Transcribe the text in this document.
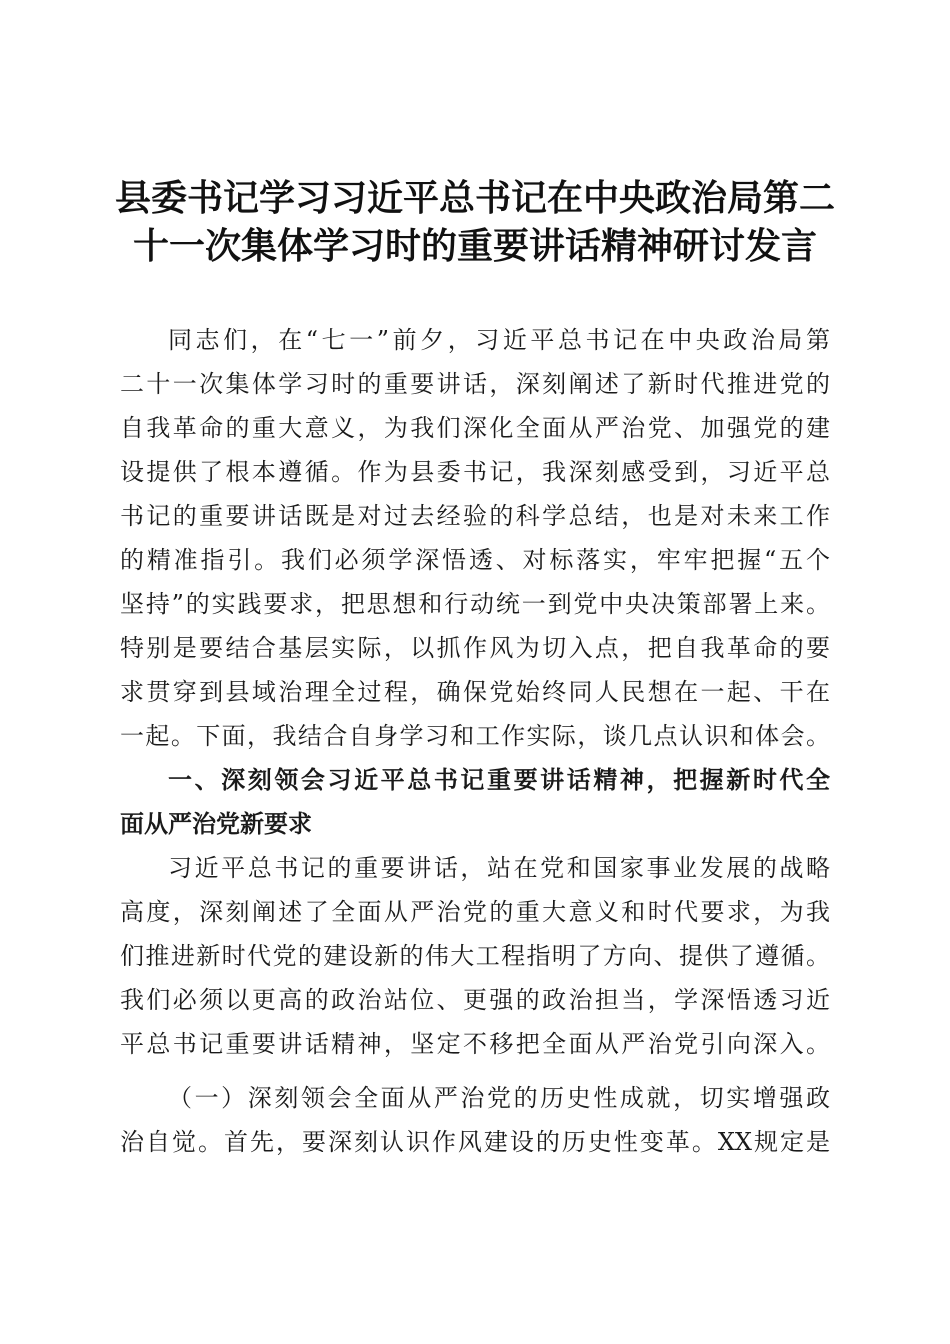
县委书记学习习近平总书记在中央政治局第二
十一次集体学习时的重要讲话精神研讨发言
同志们，在“七一”前夕，习近平总书记在中央政治局第
二十一次集体学习时的重要讲话，深刻阐述了新时代推进党的
自我革命的重大意义，为我们深化全面从严治党、加强党的建
设提供了根本遵循。作为县委书记，我深刻感受到，习近平总
书记的重要讲话既是对过去经验的科学总结，也是对未来工作
的精准指引。我们必须学深悟透、对标落实，牢牢把握“五个
坚持”的实践要求，把思想和行动统一到党中央决策部署上来。
特别是要结合基层实际，以抓作风为切入点，把自我革命的要
求贯穿到县域治理全过程，确保党始终同人民想在一起、干在
一起。下面，我结合自身学习和工作实际，谈几点认识和体会。
一、深刻领会习近平总书记重要讲话精神，把握新时代全
面从严治党新要求
习近平总书记的重要讲话，站在党和国家事业发展的战略
高度，深刻阐述了全面从严治党的重大意义和时代要求，为我
们推进新时代党的建设新的伟大工程指明了方向、提供了遵循。
我们必须以更高的政治站位、更强的政治担当，学深悟透习近
平总书记重要讲话精神，坚定不移把全面从严治党引向深入。
（一）深刻领会全面从严治党的历史性成就，切实增强政
治自觉。首先，要深刻认识作风建设的历史性变革。XX规定是
